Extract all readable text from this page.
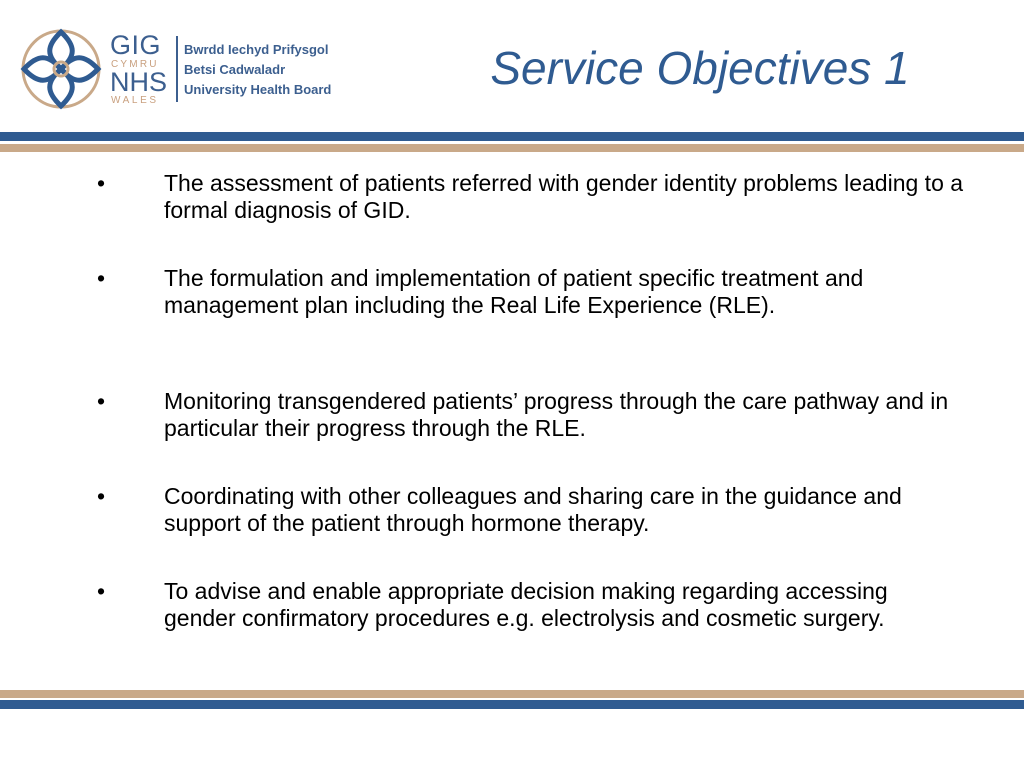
GIG
CYMRU
NHS
WALES
Bwrdd Iechyd Prifysgol
Betsi Cadwaladr
University Health Board	Service Objectives 1
•	The assessment of patients referred with gender identity problems leading to a formal diagnosis of GID.
•	The formulation and implementation of patient specific treatment and management plan including the Real Life Experience (RLE).
•	Monitoring transgendered patients’ progress through the care pathway and in particular their progress through the RLE.
•	Coordinating with other colleagues and sharing care in the guidance and support of the patient through hormone therapy.
•	To advise and enable appropriate decision making regarding accessing gender confirmatory procedures e.g. electrolysis and cosmetic surgery.
